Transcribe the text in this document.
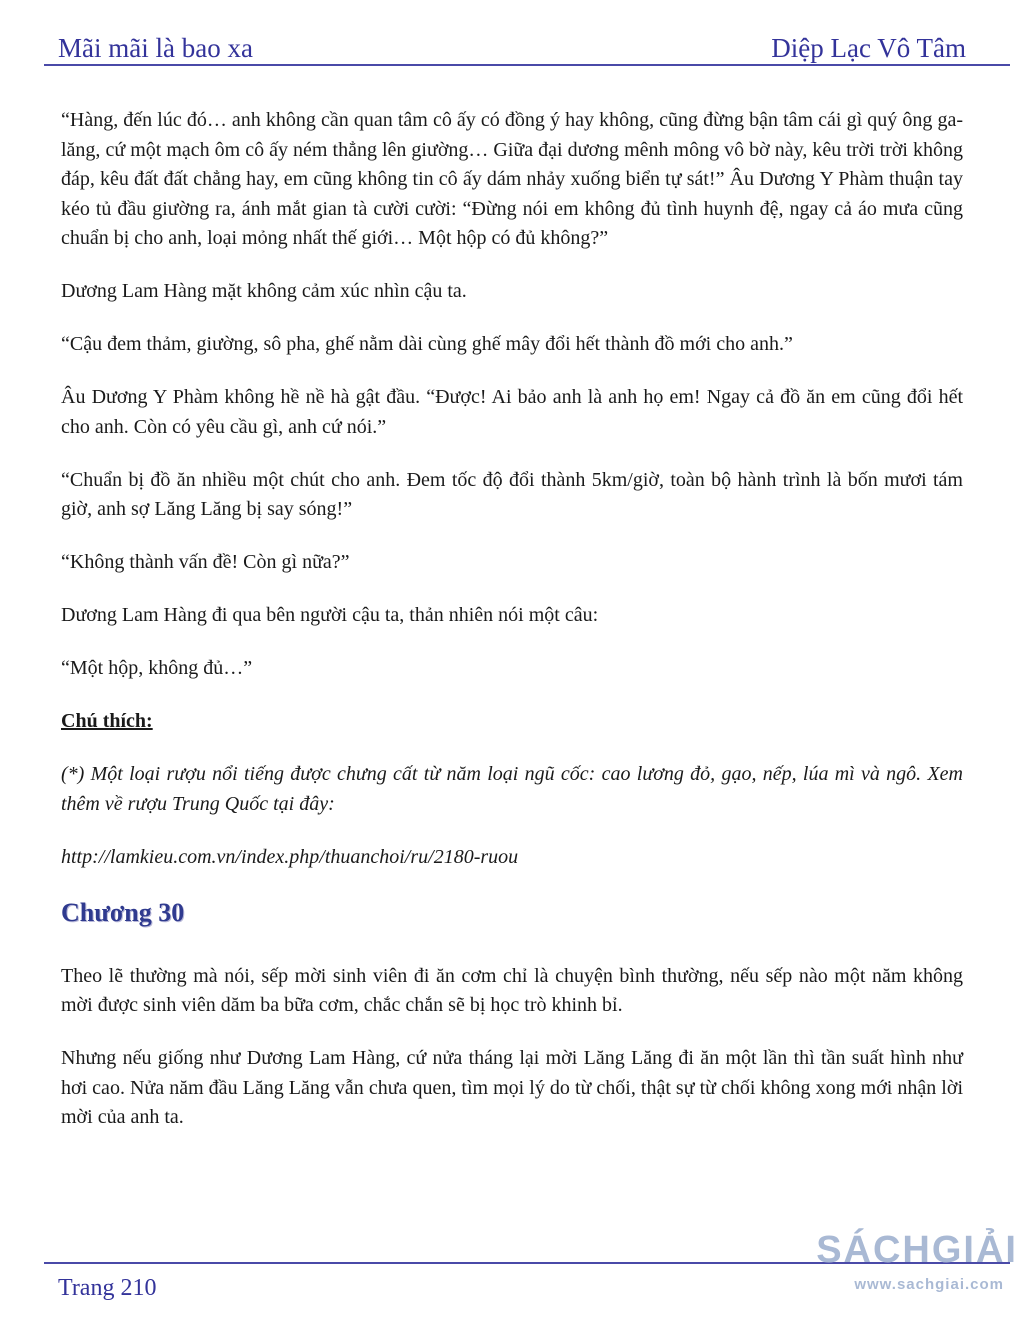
Mãi mãi là bao xa	Diệp Lạc Vô Tâm

“Hàng, đến lúc đó… anh không cần quan tâm cô ấy có đồng ý hay không, cũng đừng bận tâm cái gì quý ông ga-lăng, cứ một mạch ôm cô ấy ném thẳng lên giường… Giữa đại dương mênh mông vô bờ này, kêu trời trời không đáp, kêu đất đất chẳng hay, em cũng không tin cô ấy dám nhảy xuống biển tự sát!” Âu Dương Y Phàm thuận tay kéo tủ đầu giường ra, ánh mắt gian tà cười cười: “Đừng nói em không đủ tình huynh đệ, ngay cả áo mưa cũng chuẩn bị cho anh, loại mỏng nhất thế giới… Một hộp có đủ không?”

Dương Lam Hàng mặt không cảm xúc nhìn cậu ta.

“Cậu đem thảm, giường, sô pha, ghế nằm dài cùng ghế mây đổi hết thành đồ mới cho anh.”

Âu Dương Y Phàm không hề nề hà gật đầu. “Được! Ai bảo anh là anh họ em! Ngay cả đồ ăn em cũng đổi hết cho anh. Còn có yêu cầu gì, anh cứ nói.”

“Chuẩn bị đồ ăn nhiều một chút cho anh. Đem tốc độ đổi thành 5km/giờ, toàn bộ hành trình là bốn mươi tám giờ, anh sợ Lăng Lăng bị say sóng!”

“Không thành vấn đề! Còn gì nữa?”

Dương Lam Hàng đi qua bên người cậu ta, thản nhiên nói một câu:

“Một hộp, không đủ…”

Chú thích:

(*) Một loại rượu nổi tiếng được chưng cất từ năm loại ngũ cốc: cao lương đỏ, gạo, nếp, lúa mì và ngô. Xem thêm về rượu Trung Quốc tại đây:

http://lamkieu.com.vn/index.php/thuanchoi/ru/2180-ruou

Chương 30

Theo lẽ thường mà nói, sếp mời sinh viên đi ăn cơm chỉ là chuyện bình thường, nếu sếp nào một năm không mời được sinh viên dăm ba bữa cơm, chắc chắn sẽ bị học trò khinh bỉ.

Nhưng nếu giống như Dương Lam Hàng, cứ nửa tháng lại mời Lăng Lăng đi ăn một lần thì tần suất hình như hơi cao. Nửa năm đầu Lăng Lăng vẫn chưa quen, tìm mọi lý do từ chối, thật sự từ chối không xong mới nhận lời mời của anh ta.

Trang 210
SÁCHGIẢI
www.sachgiai.com
